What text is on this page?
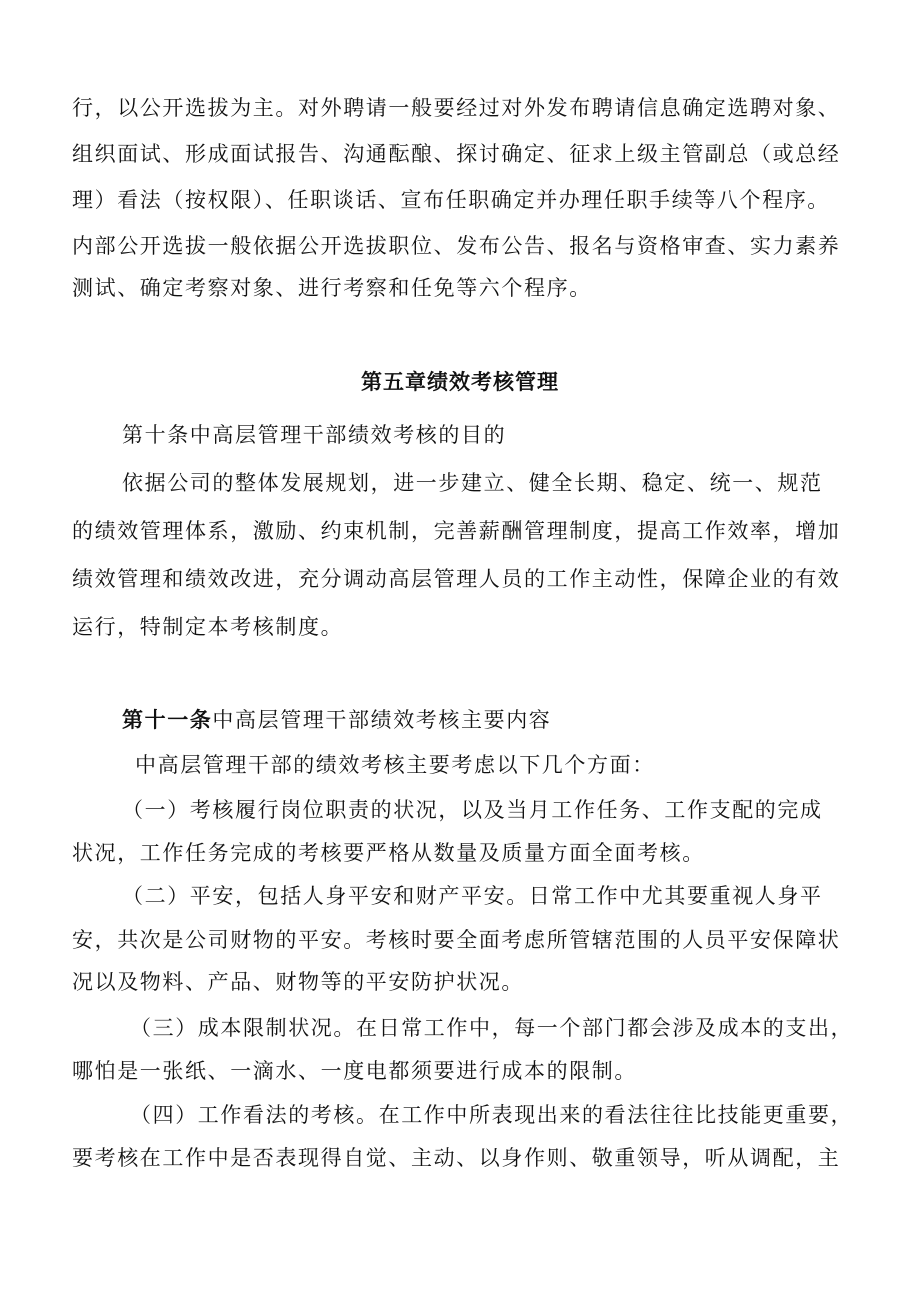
行，以公开选拔为主。对外聘请一般要经过对外发布聘请信息确定选聘对象、
组织面试、形成面试报告、沟通酝酿、探讨确定、征求上级主管副总（或总经
理）看法（按权限）、任职谈话、宣布任职确定并办理任职手续等八个程序。
内部公开选拔一般依据公开选拔职位、发布公告、报名与资格审查、实力素养
测试、确定考察对象、进行考察和任免等六个程序。
第五章绩效考核管理
第十条中高层管理干部绩效考核的目的
依据公司的整体发展规划，进一步建立、健全长期、稳定、统一、规范
的绩效管理体系，激励、约束机制，完善薪酬管理制度，提高工作效率，增加
绩效管理和绩效改进，充分调动高层管理人员的工作主动性，保障企业的有效
运行，特制定本考核制度。
第十一条中高层管理干部绩效考核主要内容
中高层管理干部的绩效考核主要考虑以下几个方面：
（一）考核履行岗位职责的状况，以及当月工作任务、工作支配的完成
状况，工作任务完成的考核要严格从数量及质量方面全面考核。
（二）平安，包括人身平安和财产平安。日常工作中尤其要重视人身平
安，共次是公司财物的平安。考核时要全面考虑所管辖范围的人员平安保障状
况以及物料、产品、财物等的平安防护状况。
（三）成本限制状况。在日常工作中，每一个部门都会涉及成本的支出，
哪怕是一张纸、一滴水、一度电都须要进行成本的限制。
（四）工作看法的考核。在工作中所表现出来的看法往往比技能更重要，
要考核在工作中是否表现得自觉、主动、以身作则、敬重领导，听从调配，主
